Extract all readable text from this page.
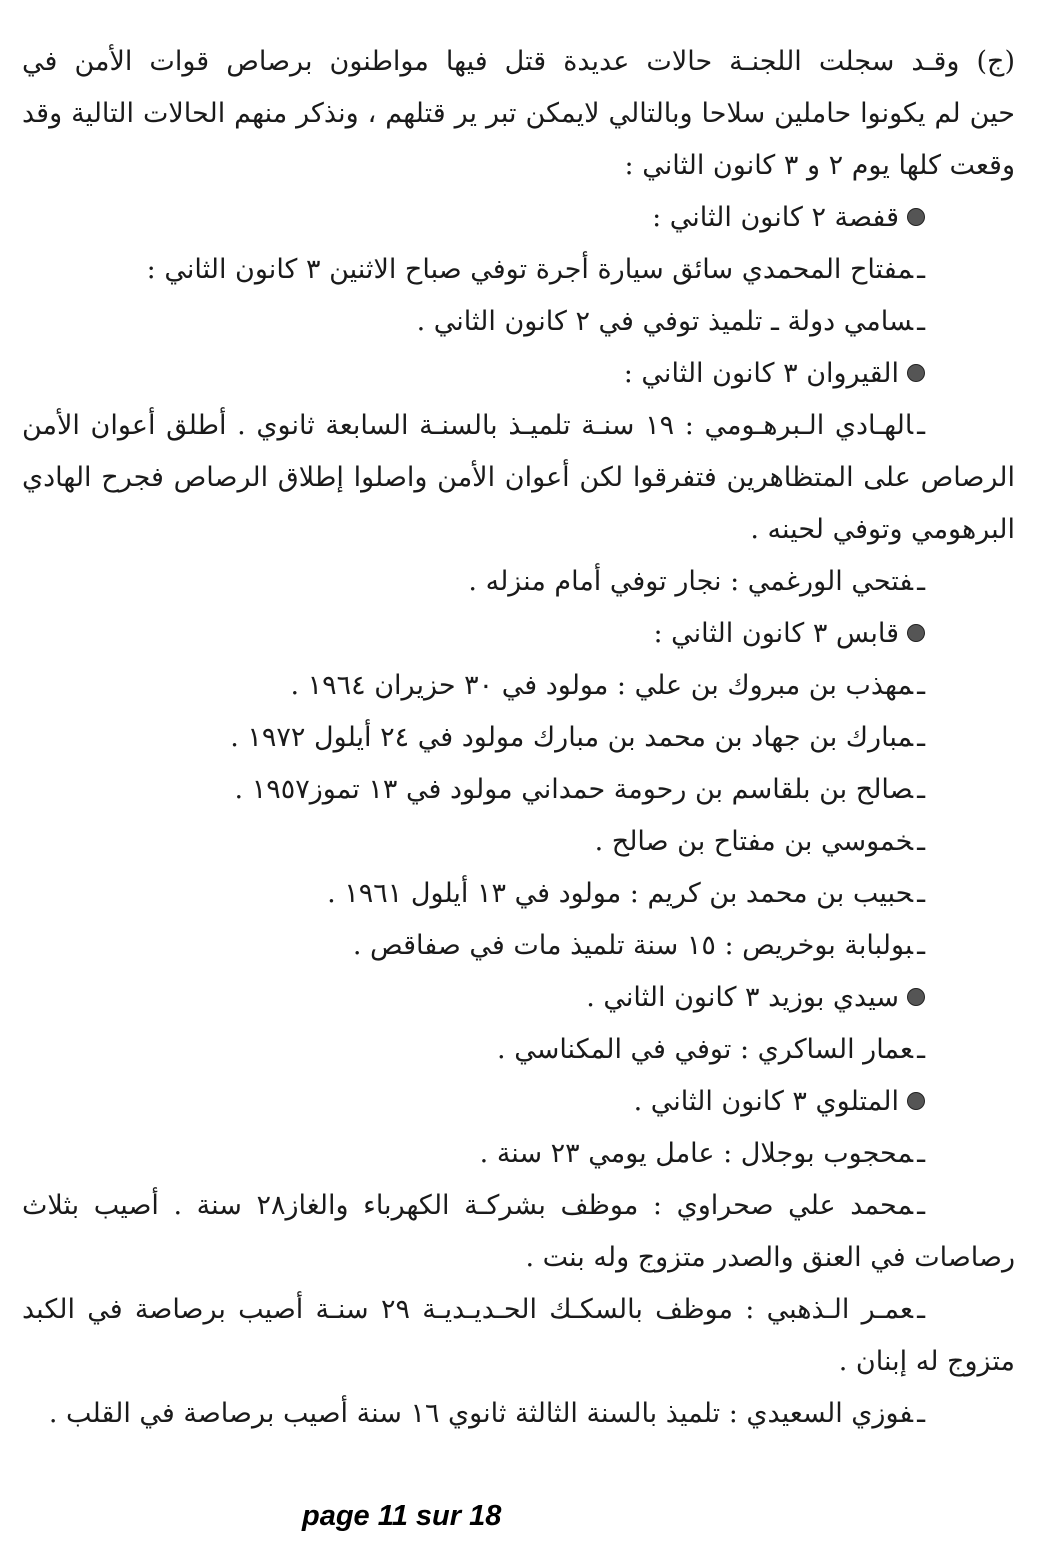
(ج) وقـد سجلت اللجنـة حالات عديدة قتل فيها مواطنون برصاص قوات الأمن في
حين لم يكونوا حاملين سلاحا وبالتالي لايمكن تبر ير قتلهم ، ونذكر منهم الحالات التالية وقد
وقعت كلها يوم ٢ و ٣ كانون الثاني :
قفصة ٢ كانون الثاني :
ـمفتاح المحمدي سائق سيارة أجرة توفي صباح الاثنين ٣ كانون الثاني :
ـسامي دولة ـ تلميذ توفي في ٢ كانون الثاني .
القيروان ٣ كانون الثاني :
ـالهـادي الـبرهـومي : ١٩ سنـة تلميـذ بالسنـة السابعة ثانوي . أطلق أعوان الأمن
الرصاص على المتظاهرين فتفرقوا لكن أعوان الأمن واصلوا إطلاق الرصاص فجرح الهادي
البرهومي وتوفي لحينه .
ـفتحي الورغمي : نجار توفي أمام منزله .
قابس ٣ كانون الثاني :
ـمهذب بن مبروك بن علي : مولود في ٣٠ حزيران ١٩٦٤ .
ـمبارك بن جهاد بن محمد بن مبارك مولود في ٢٤ أيلول ١٩٧٢ .
ـصالح بن بلقاسم بن رحومة حمداني مولود في ١٣ تموز١٩٥٧ .
ـخموسي بن مفتاح بن صالح .
ـحبيب بن محمد بن كريم : مولود في ١٣ أيلول ١٩٦١ .
ـبولبابة بوخريص : ١٥ سنة تلميذ مات في صفاقص .
سيدي بوزيد ٣ كانون الثاني .
ـعمار الساكري : توفي في المكناسي .
المتلوي ٣ كانون الثاني .
ـمحجوب بوجلال : عامل يومي ٢٣ سنة .
ـمحمد علي صحراوي : موظف بشركـة الكهرباء والغاز٢٨ سنة . أصيب بثلاث
رصاصات في العنق والصدر متزوج وله بنت .
ـعمـر الـذهبي : موظف بالسكـك الحـديـديـة ٢٩ سنـة أصيب برصاصة في الكبد
متزوج له إبنان .
ـفوزي السعيدي : تلميذ بالسنة الثالثة ثانوي ١٦ سنة أصيب برصاصة في القلب .
page 11 sur 18
